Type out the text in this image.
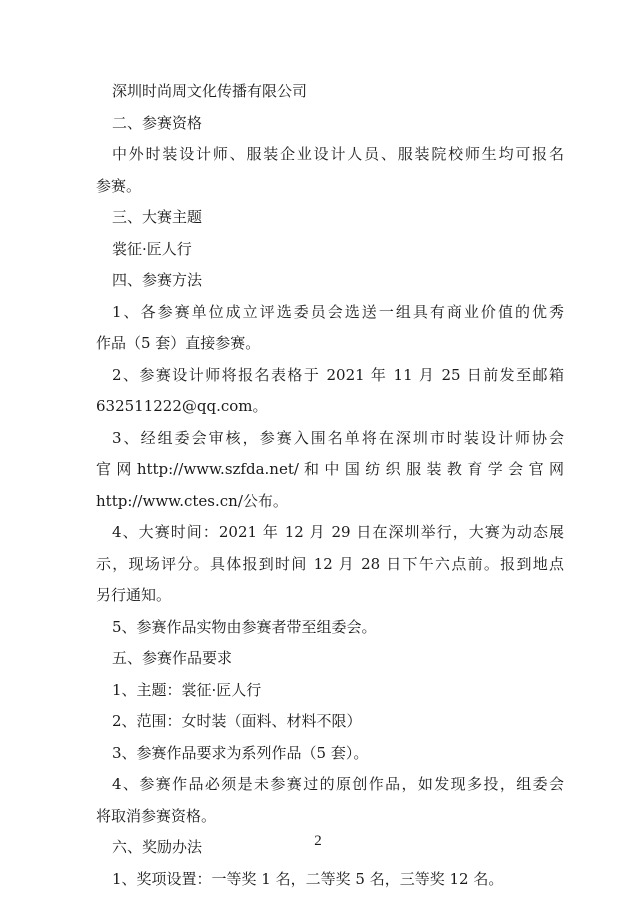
深圳时尚周文化传播有限公司
二、参赛资格
中外时装设计师、服装企业设计人员、服装院校师生均可报名
参赛。
三、大赛主题
裳征·匠人行
四、参赛方法
1、各参赛单位成立评选委员会选送一组具有商业价值的优秀
作品（5 套）直接参赛。
2、参赛设计师将报名表格于 2021 年 11 月 25 日前发至邮箱
632511222@qq.com。
3、经组委会审核，参赛入围名单将在深圳市时装设计师协会
官 网 http://www.szfda.net/ 和 中 国 纺 织 服 装 教 育 学 会 官 网
http://www.ctes.cn/公布。
4、大赛时间：2021 年 12 月 29 日在深圳举行，大赛为动态展
示，现场评分。具体报到时间 12 月 28 日下午六点前。报到地点
另行通知。
5、参赛作品实物由参赛者带至组委会。
五、参赛作品要求
1、主题：裳征·匠人行
2、范围：女时装（面料、材料不限）
3、参赛作品要求为系列作品（5 套）。
4、参赛作品必须是未参赛过的原创作品，如发现多投，组委会
将取消参赛资格。
六、奖励办法
1、奖项设置：一等奖 1 名，二等奖 5 名，三等奖 12 名。
2
